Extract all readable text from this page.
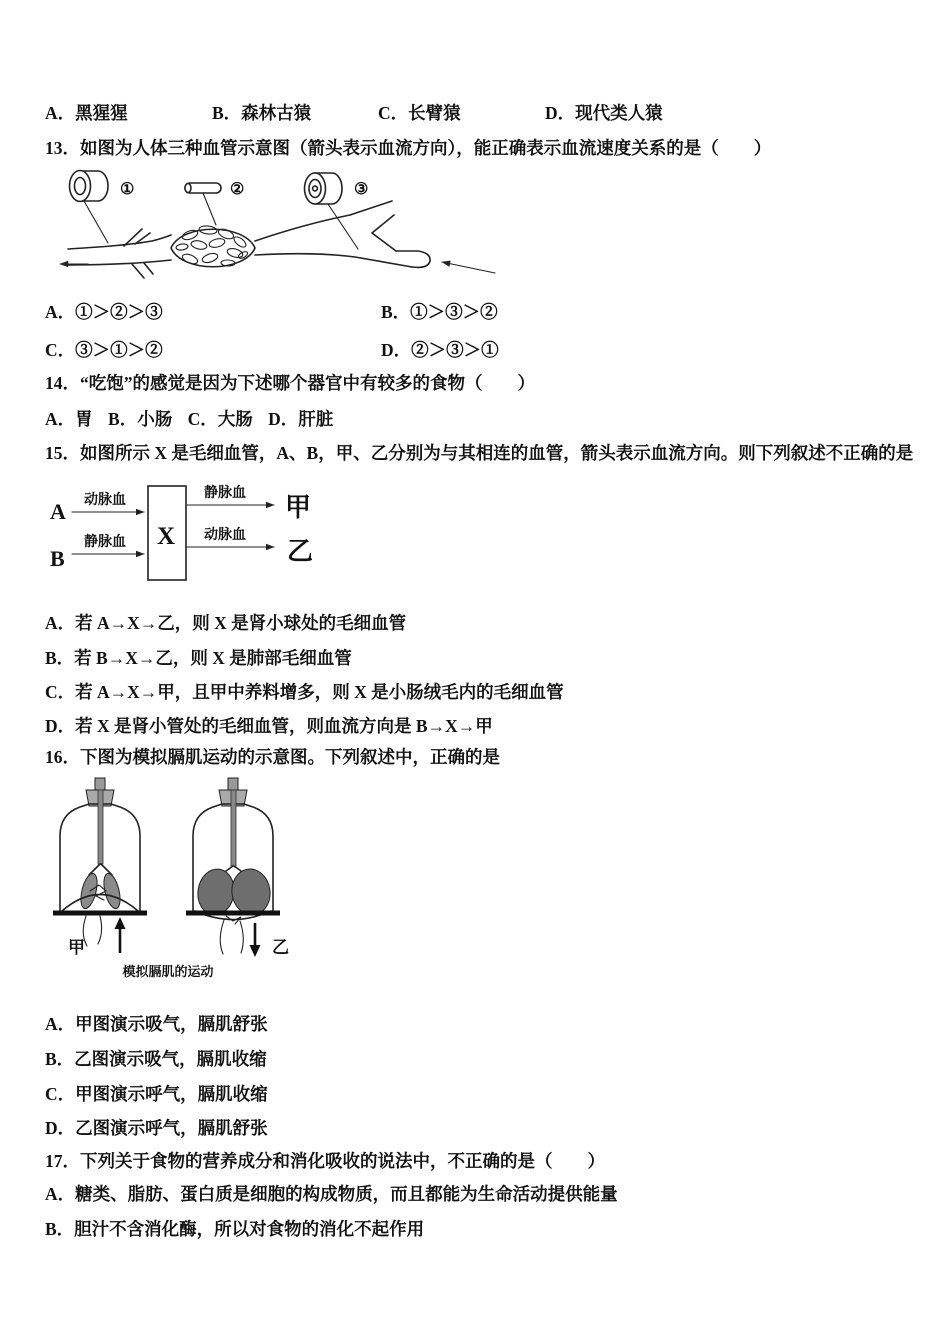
A．黑猩猩	B．森林古猿	C．长臂猿	D．现代类人猿
13．如图为人体三种血管示意图（箭头表示血流方向），能正确表示血流速度关系的是（　　）
①	②	③
A．①＞②＞③	B．①＞③＞②
C．③＞①＞②	D．②＞③＞①
14．“吃饱”的感觉是因为下述哪个器官中有较多的食物（　　）
A．胃 B．小肠 C．大肠 D．肝脏
15．如图所示 X 是毛细血管，A、B，甲、乙分别为与其相连的血管，箭头表示血流方向。则下列叙述不正确的是
A
B
动脉血
静脉血 X
静脉血
动脉血
甲
乙
A．若 A→X→乙，则 X 是肾小球处的毛细血管
B．若 B→X→乙，则 X 是肺部毛细血管
C．若 A→X→甲，且甲中养料增多，则 X 是小肠绒毛内的毛细血管
D．若 X 是肾小管处的毛细血管，则血流方向是 B→X→甲
16．下图为模拟膈肌运动的示意图。下列叙述中，正确的是
甲	乙
模拟膈肌的运动
A．甲图演示吸气，膈肌舒张
B．乙图演示吸气，膈肌收缩
C．甲图演示呼气，膈肌收缩
D．乙图演示呼气，膈肌舒张
17．下列关于食物的营养成分和消化吸收的说法中，不正确的是（　　）
A．糖类、脂肪、蛋白质是细胞的构成物质，而且都能为生命活动提供能量
B．胆汁不含消化酶，所以对食物的消化不起作用
